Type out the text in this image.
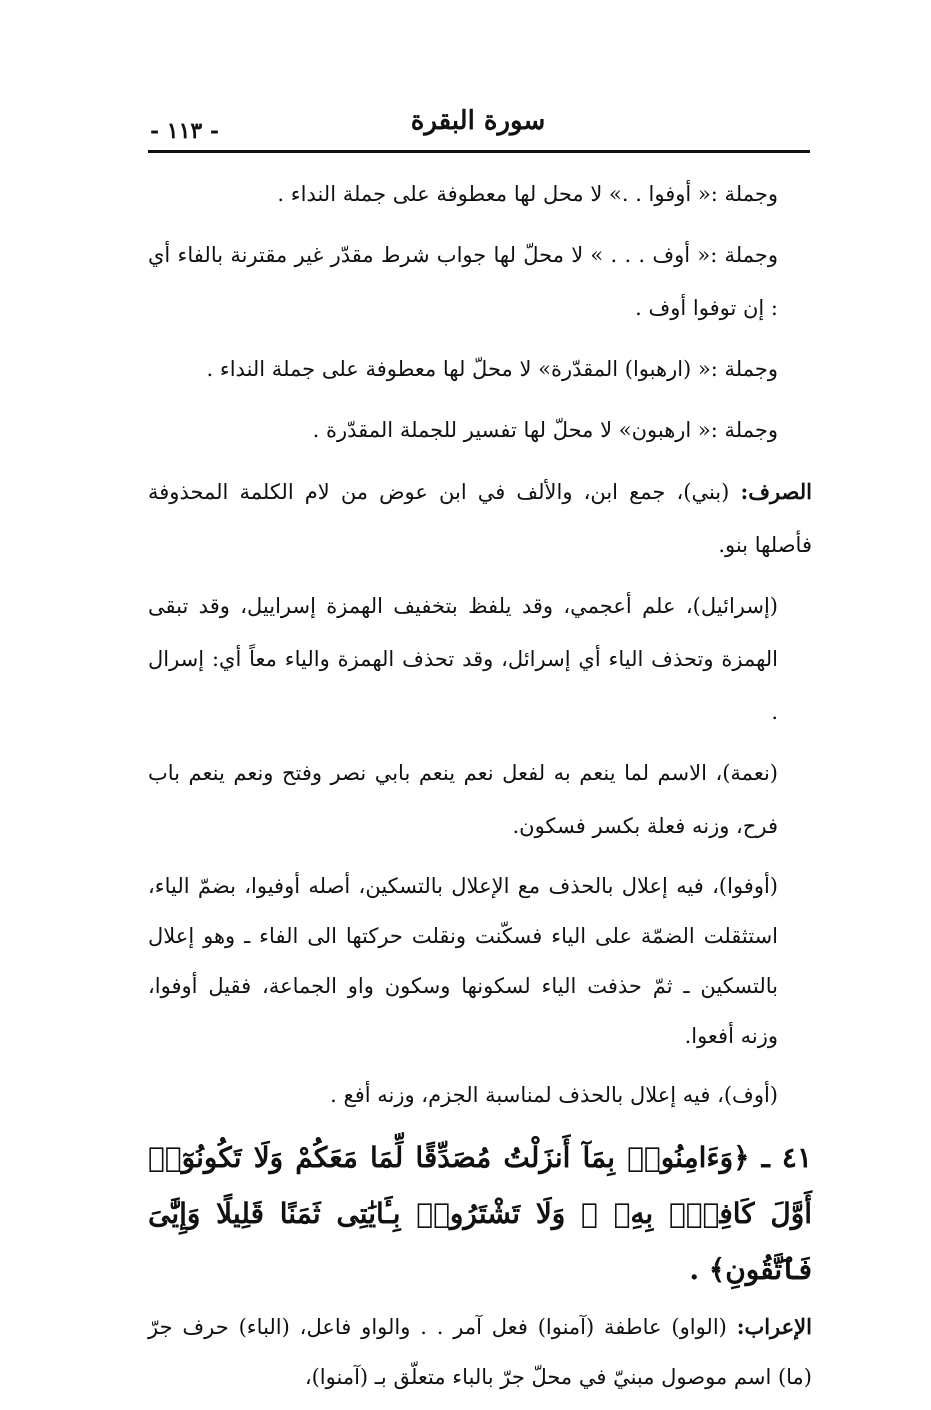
- ١١٣ -	سورة البقرة

وجملة :« أوفوا . .» لا محل لها معطوفة على جملة النداء .

وجملة :« أوف . . . » لا محلّ لها جواب شرط مقدّر غير مقترنة بالفاء أي : إن توفوا أوف .

وجملة :« (ارهبوا) المقدّرة» لا محلّ لها معطوفة على جملة النداء .

وجملة :« ارهبون» لا محلّ لها تفسير للجملة المقدّرة .

الصرف: (بني)، جمع ابن، والألف في ابن عوض من لام الكلمة المحذوفة فأصلها بنو.

(إسرائيل)، علم أعجمي، وقد يلفظ بتخفيف الهمزة إسراييل، وقد تبقى الهمزة وتحذف الياء أي إسرائل، وقد تحذف الهمزة والياء معاً أي: إسرال .

(نعمة)، الاسم لما ينعم به لفعل نعم ينعم بابي نصر وفتح ونعم ينعم باب فرح، وزنه فعلة بكسر فسكون.

(أوفوا)، فيه إعلال بالحذف مع الإعلال بالتسكين، أصله أوفيوا، بضمّ الياء، استثقلت الضمّة على الياء فسكّنت ونقلت حركتها الى الفاء ـ وهو إعلال بالتسكين ـ ثمّ حذفت الياء لسكونها وسكون واو الجماعة، فقيل أوفوا، وزنه أفعوا.

(أوف)، فيه إعلال بالحذف لمناسبة الجزم، وزنه أفع .

٤١ ـ ﴿وَءَامِنُوا۟ بِمَآ أَنزَلْتُ مُصَدِّقًا لِّمَا مَعَكُمْ وَلَا تَكُونُوٓا۟ أَوَّلَ كَافِرٍۭ بِهِۦ ۖ وَلَا تَشْتَرُوا۟ بِـَٔايَٰتِى ثَمَنًا قَلِيلًا وَإِيَّٰىَ فَٱتَّقُونِ﴾ .

الإعراب: (الواو) عاطفة (آمنوا) فعل آمر . . والواو فاعل، (الباء) حرف جرّ (ما) اسم موصول مبنيّ في محلّ جرّ بالباء متعلّق بـ (آمنوا)،
